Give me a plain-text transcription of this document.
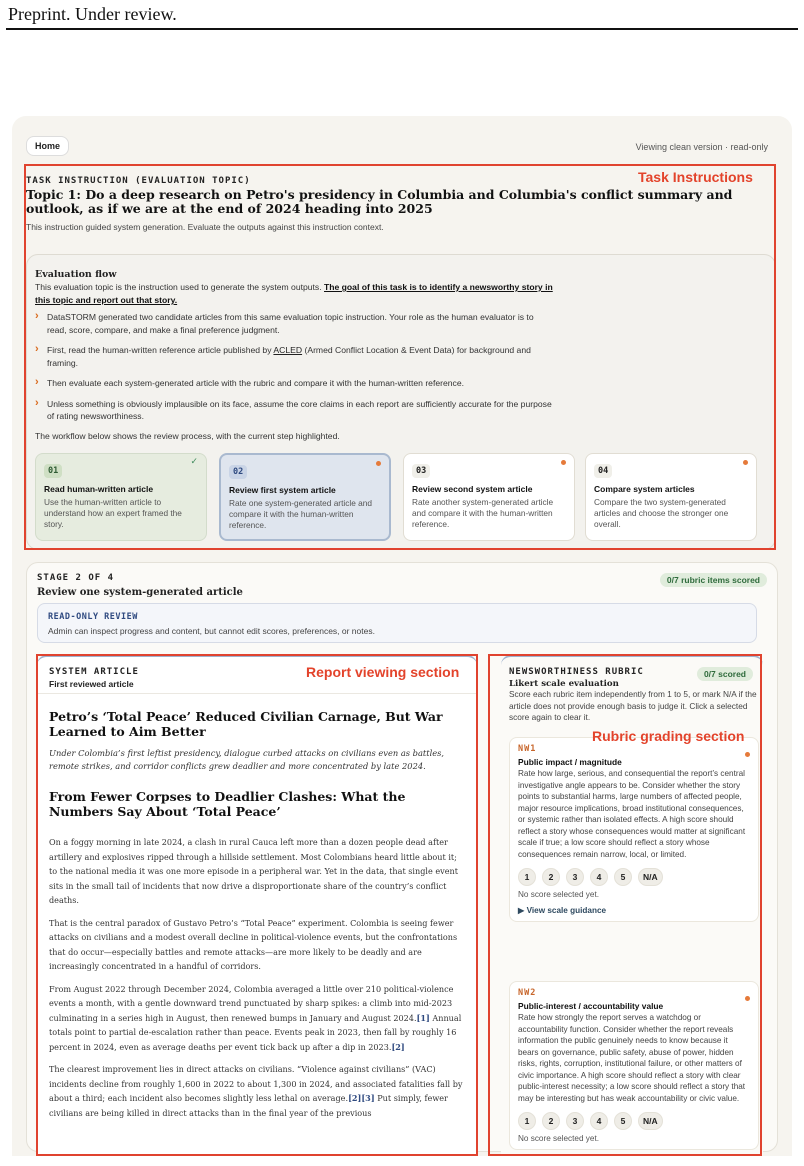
Preprint. Under review.
Home	Viewing clean version · read-only
TASK INSTRUCTION (EVALUATION TOPIC)
Topic 1: Do a deep research on Petro's presidency in Columbia and Columbia's conflict summary and outlook, as if we are at the end of 2024 heading into 2025
This instruction guided system generation. Evaluate the outputs against this instruction context.
Evaluation flow
This evaluation topic is the instruction used to generate the system outputs. The goal of this task is to identify a newsworthy story in this topic and report out that story.
› DataSTORM generated two candidate articles from this same evaluation topic instruction. Your role as the human evaluator is to read, score, compare, and make a final preference judgment.
› First, read the human-written reference article published by ACLED (Armed Conflict Location & Event Data) for background and framing.
› Then evaluate each system-generated article with the rubric and compare it with the human-written reference.
› Unless something is obviously implausible on its face, assume the core claims in each report are sufficiently accurate for the purpose of rating newsworthiness.
The workflow below shows the review process, with the current step highlighted.
01
✓
Read human-written article
Use the human-written article to understand how an expert framed the story.
02
Review first system article
Rate one system-generated article and compare it with the human-written reference.
03
Review second system article
Rate another system-generated article and compare it with the human-written reference.
04
Compare system articles
Compare the two system-generated articles and choose the stronger one overall.
STAGE 2 OF 4
Review one system-generated article
0/7 rubric items scored
READ-ONLY REVIEW
Admin can inspect progress and content, but cannot edit scores, preferences, or notes.
SYSTEM ARTICLE
First reviewed article
Petro’s ‘Total Peace’ Reduced Civilian Carnage, But War Learned to Aim Better
Under Colombia’s first leftist presidency, dialogue curbed attacks on civilians even as battles, remote strikes, and corridor conflicts grew deadlier and more concentrated by late 2024.
From Fewer Corpses to Deadlier Clashes: What the Numbers Say About ‘Total Peace’

On a foggy morning in late 2024, a clash in rural Cauca left more than a dozen people dead after artillery and explosives ripped through a hillside settlement. Most Colombians heard little about it; to the national media it was one more episode in a peripheral war. Yet in the data, that single event sits in the small tail of incidents that now drive a disproportionate share of the country’s conflict deaths.

That is the central paradox of Gustavo Petro’s “Total Peace” experiment. Colombia is seeing fewer attacks on civilians and a modest overall decline in political-violence events, but the confrontations that do occur—especially battles and remote attacks—are more likely to be deadly and are increasingly concentrated in a handful of corridors.

From August 2022 through December 2024, Colombia averaged a little over 210 political-violence events a month, with a gentle downward trend punctuated by sharp spikes: a climb into mid-2023 culminating in a series high in August, then renewed bumps in January and August 2024.[1] Annual totals point to partial de-escalation rather than peace. Events peak in 2023, then fall by roughly 16 percent in 2024, even as average deaths per event tick back up after a dip in 2023.[2]

The clearest improvement lies in direct attacks on civilians. “Violence against civilians” (VAC) incidents decline from roughly 1,600 in 2022 to about 1,300 in 2024, and associated fatalities fall by about a third; each incident also becomes slightly less lethal on average.[2][3] Put simply, fewer civilians are being killed in direct attacks than in the final year of the previous

NEWSWORTHINESS RUBRIC	0/7 scored
Likert scale evaluation
Score each rubric item independently from 1 to 5, or mark N/A if the article does not provide enough basis to judge it. Click a selected score again to clear it.
NW1
Public impact / magnitude
Rate how large, serious, and consequential the report’s central investigative angle appears to be. Consider whether the story points to substantial harms, large numbers of affected people, major resource implications, broad institutional consequences, or systemic rather than isolated effects. A high score should reflect a story whose consequences would matter at significant scale if true; a low score should reflect a story whose consequences remain narrow, local, or limited.
1	2	3	4	5	N/A
No score selected yet.
▶ View scale guidance
NW2
Public-interest / accountability value
Rate how strongly the report serves a watchdog or accountability function. Consider whether the report reveals information the public genuinely needs to know because it bears on governance, public safety, abuse of power, hidden risks, rights, corruption, institutional failure, or other matters of civic importance. A high score should reflect a story with clear public-interest necessity; a low score should reflect a story that may be interesting but has weak accountability or civic value.
1	2	3	4	5	N/A
No score selected yet.
Task Instructions
Report viewing section
Rubric grading section
